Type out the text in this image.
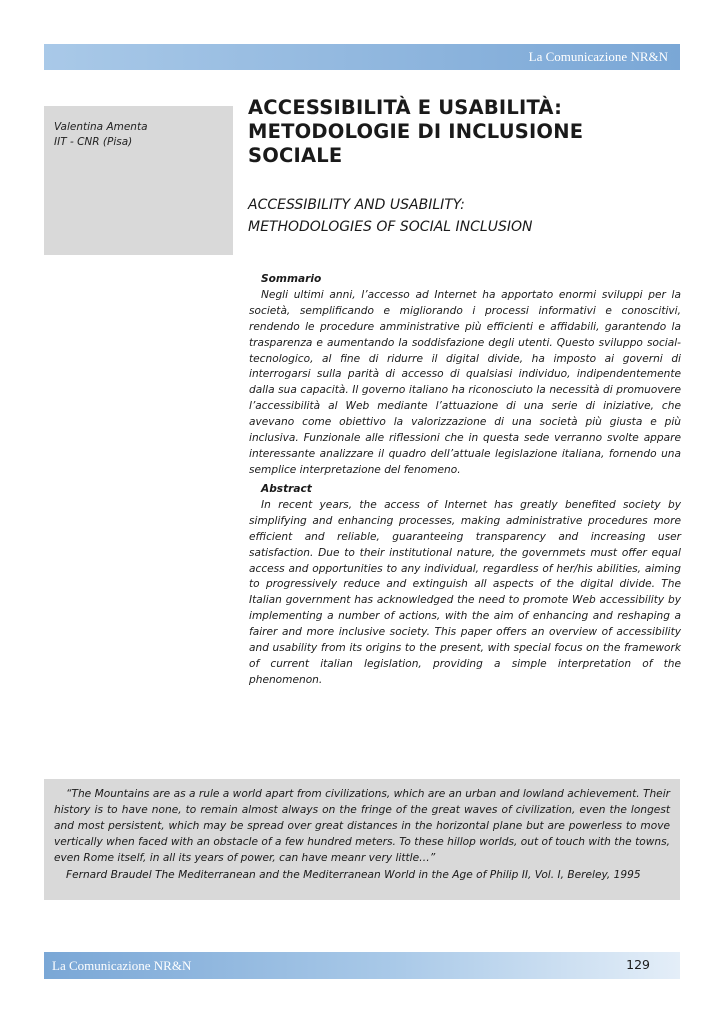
La Comunicazione NR&N
Valentina Amenta
IIT - CNR (Pisa)
ACCESSIBILITÀ E USABILITÀ:
METODOLOGIE DI INCLUSIONE
SOCIALE
ACCESSIBILITY AND USABILITY:
METHODOLOGIES OF SOCIAL INCLUSION
Sommario
Negli ultimi anni, l’accesso ad Internet ha apportato enormi sviluppi per la società, semplificando e migliorando i processi informativi e conoscitivi, rendendo le procedure amministrative più efficienti e affidabili, garantendo la trasparenza e aumentando la soddisfazione degli utenti. Questo sviluppo social-tecnologico, al fine di ridurre il digital divide, ha imposto ai governi di interrogarsi sulla parità di accesso di qualsiasi individuo, indipendentemente dalla sua capacità. Il governo italiano ha riconosciuto la necessità di promuovere l’accessibilità al Web mediante l’attuazione di una serie di iniziative, che avevano come obiettivo la valorizzazione di una società più giusta e più inclusiva. Funzionale alle riflessioni che in questa sede verranno svolte appare interessante analizzare il quadro dell’attuale legislazione italiana, fornendo una semplice interpretazione del fenomeno.
Abstract
In recent years, the access of Internet has greatly benefited society by simplifying and enhancing processes, making administrative procedures more efficient and reliable, guaranteeing transparency and increasing user satisfaction. Due to their institutional nature, the governmets must offer equal access and opportunities to any individual, regardless of her/his abilities, aiming to progressively reduce and extinguish all aspects of the digital divide. The Italian government has acknowledged the need to promote Web accessibility by implementing a number of actions, with the aim of enhancing and reshaping a fairer and more inclusive society. This paper offers an overview of accessibility and usability from its origins to the present, with special focus on the framework of current italian legislation, providing a simple interpretation of the phenomenon.
“The Mountains are as a rule a world apart from civilizations, which are an urban and lowland achievement. Their history is to have none, to remain almost always on the fringe of the great waves of civilization, even the longest and most persistent, which may be spread over great distances in the horizontal plane but are powerless to move vertically when faced with an obstacle of a few hundred meters. To these hillop worlds, out of touch with the towns, even Rome itself, in all its years of power, can have meanr very little…”
Fernard Braudel The Mediterranean and the Mediterranean World in the Age of Philip II, Vol. I, Bereley, 1995
La Comunicazione NR&N	129
